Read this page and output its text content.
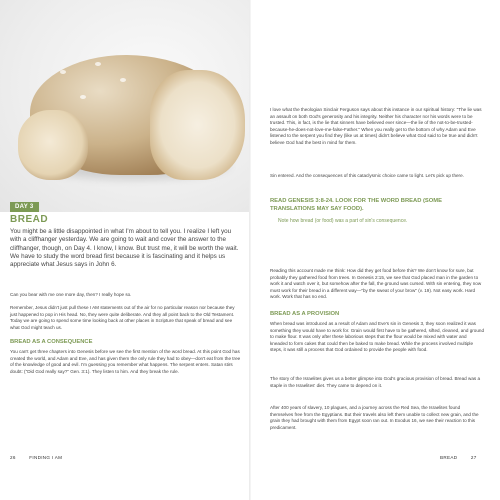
DAY 3
BREAD
You might be a little disappointed in what I'm about to tell you. I realize I left you with a cliffhanger yesterday. We are going to wait and cover the answer to the cliffhanger, though, on Day 4. I know, I know. But trust me, it will be worth the wait. We have to study the word bread first because it is fascinating and it helps us appreciate what Jesus says in John 6.
Can you bear with me one more day, then? I really hope so.
Remember, Jesus didn't just pull these I AM statements out of the air for no particular reason nor because they just happened to pop in His head. No, they were quite deliberate. And they all point back to the Old Testament. Today we are going to spend some time looking back at other places in Scripture that speak of bread and see what God might teach us.
BREAD AS A CONSEQUENCE
You can't get three chapters into Genesis before we see the first mention of the word bread. At this point God has created the world, and Adam and Eve, and has given them the only rule they had to obey—don't eat from the tree of the knowledge of good and evil. I'm guessing you remember what happens. The serpent enters. Satan stirs doubt: ("Did God really say?" Gen. 3:1). They listen to him. And they break the rule.
26	FINDING I AM
I love what the theologian Sinclair Ferguson says about this instance in our spiritual history: "The lie was an assault on both God's generosity and his integrity. Neither his character nor his words were to be trusted. This, in fact, is the lie that sinners have believed ever since—the lie of the not-to-be-trusted-because-he-does-not-love-me-false-Father." When you really get to the bottom of why Adam and Eve listened to the serpent you find they (like us at times) didn't believe what God said to be true and didn't believe God had the best in mind for them.
Sin entered. And the consequences of this cataclysmic choice came to light. Let's pick up there.
READ GENESIS 3:8-24. LOOK FOR THE WORD BREAD (SOME TRANSLATIONS MAY SAY FOOD).
Note how bread (or food) was a part of sin's consequence.
Reading this account made me think: How did they get food before this? We don't know for sure, but probably they gathered food from trees. In Genesis 2:15, we see that God placed man in the garden to work it and watch over it, but somehow after the fall, the ground was cursed. With sin entering, they now must work for their bread in a different way—"by the sweat of your brow" (v. 19). Not easy work. Hard work. Work that has no end.
BREAD AS A PROVISION
When bread was introduced as a result of Adam and Eve's sin in Genesis 3, they soon realized it was something they would have to work for. Grain would first have to be gathered, sifted, cleaned, and ground to make flour. It was only after these laborious steps that the flour would be mixed with water and kneaded to form cakes that could then be baked to make bread. While the process involved multiple steps, it was still a process that God ordained to provide the people with food.
The story of the Israelites gives us a better glimpse into God's gracious provision of bread. Bread was a staple in the Israelites' diet. They came to depend on it.
After 400 years of slavery, 10 plagues, and a journey across the Red Sea, the Israelites found themselves free from the Egyptians. But their travels also left them unable to collect new grain, and the grain they had brought with them from Egypt soon ran out. In Exodus 16, we see their reaction to this predicament.
BREAD	27
